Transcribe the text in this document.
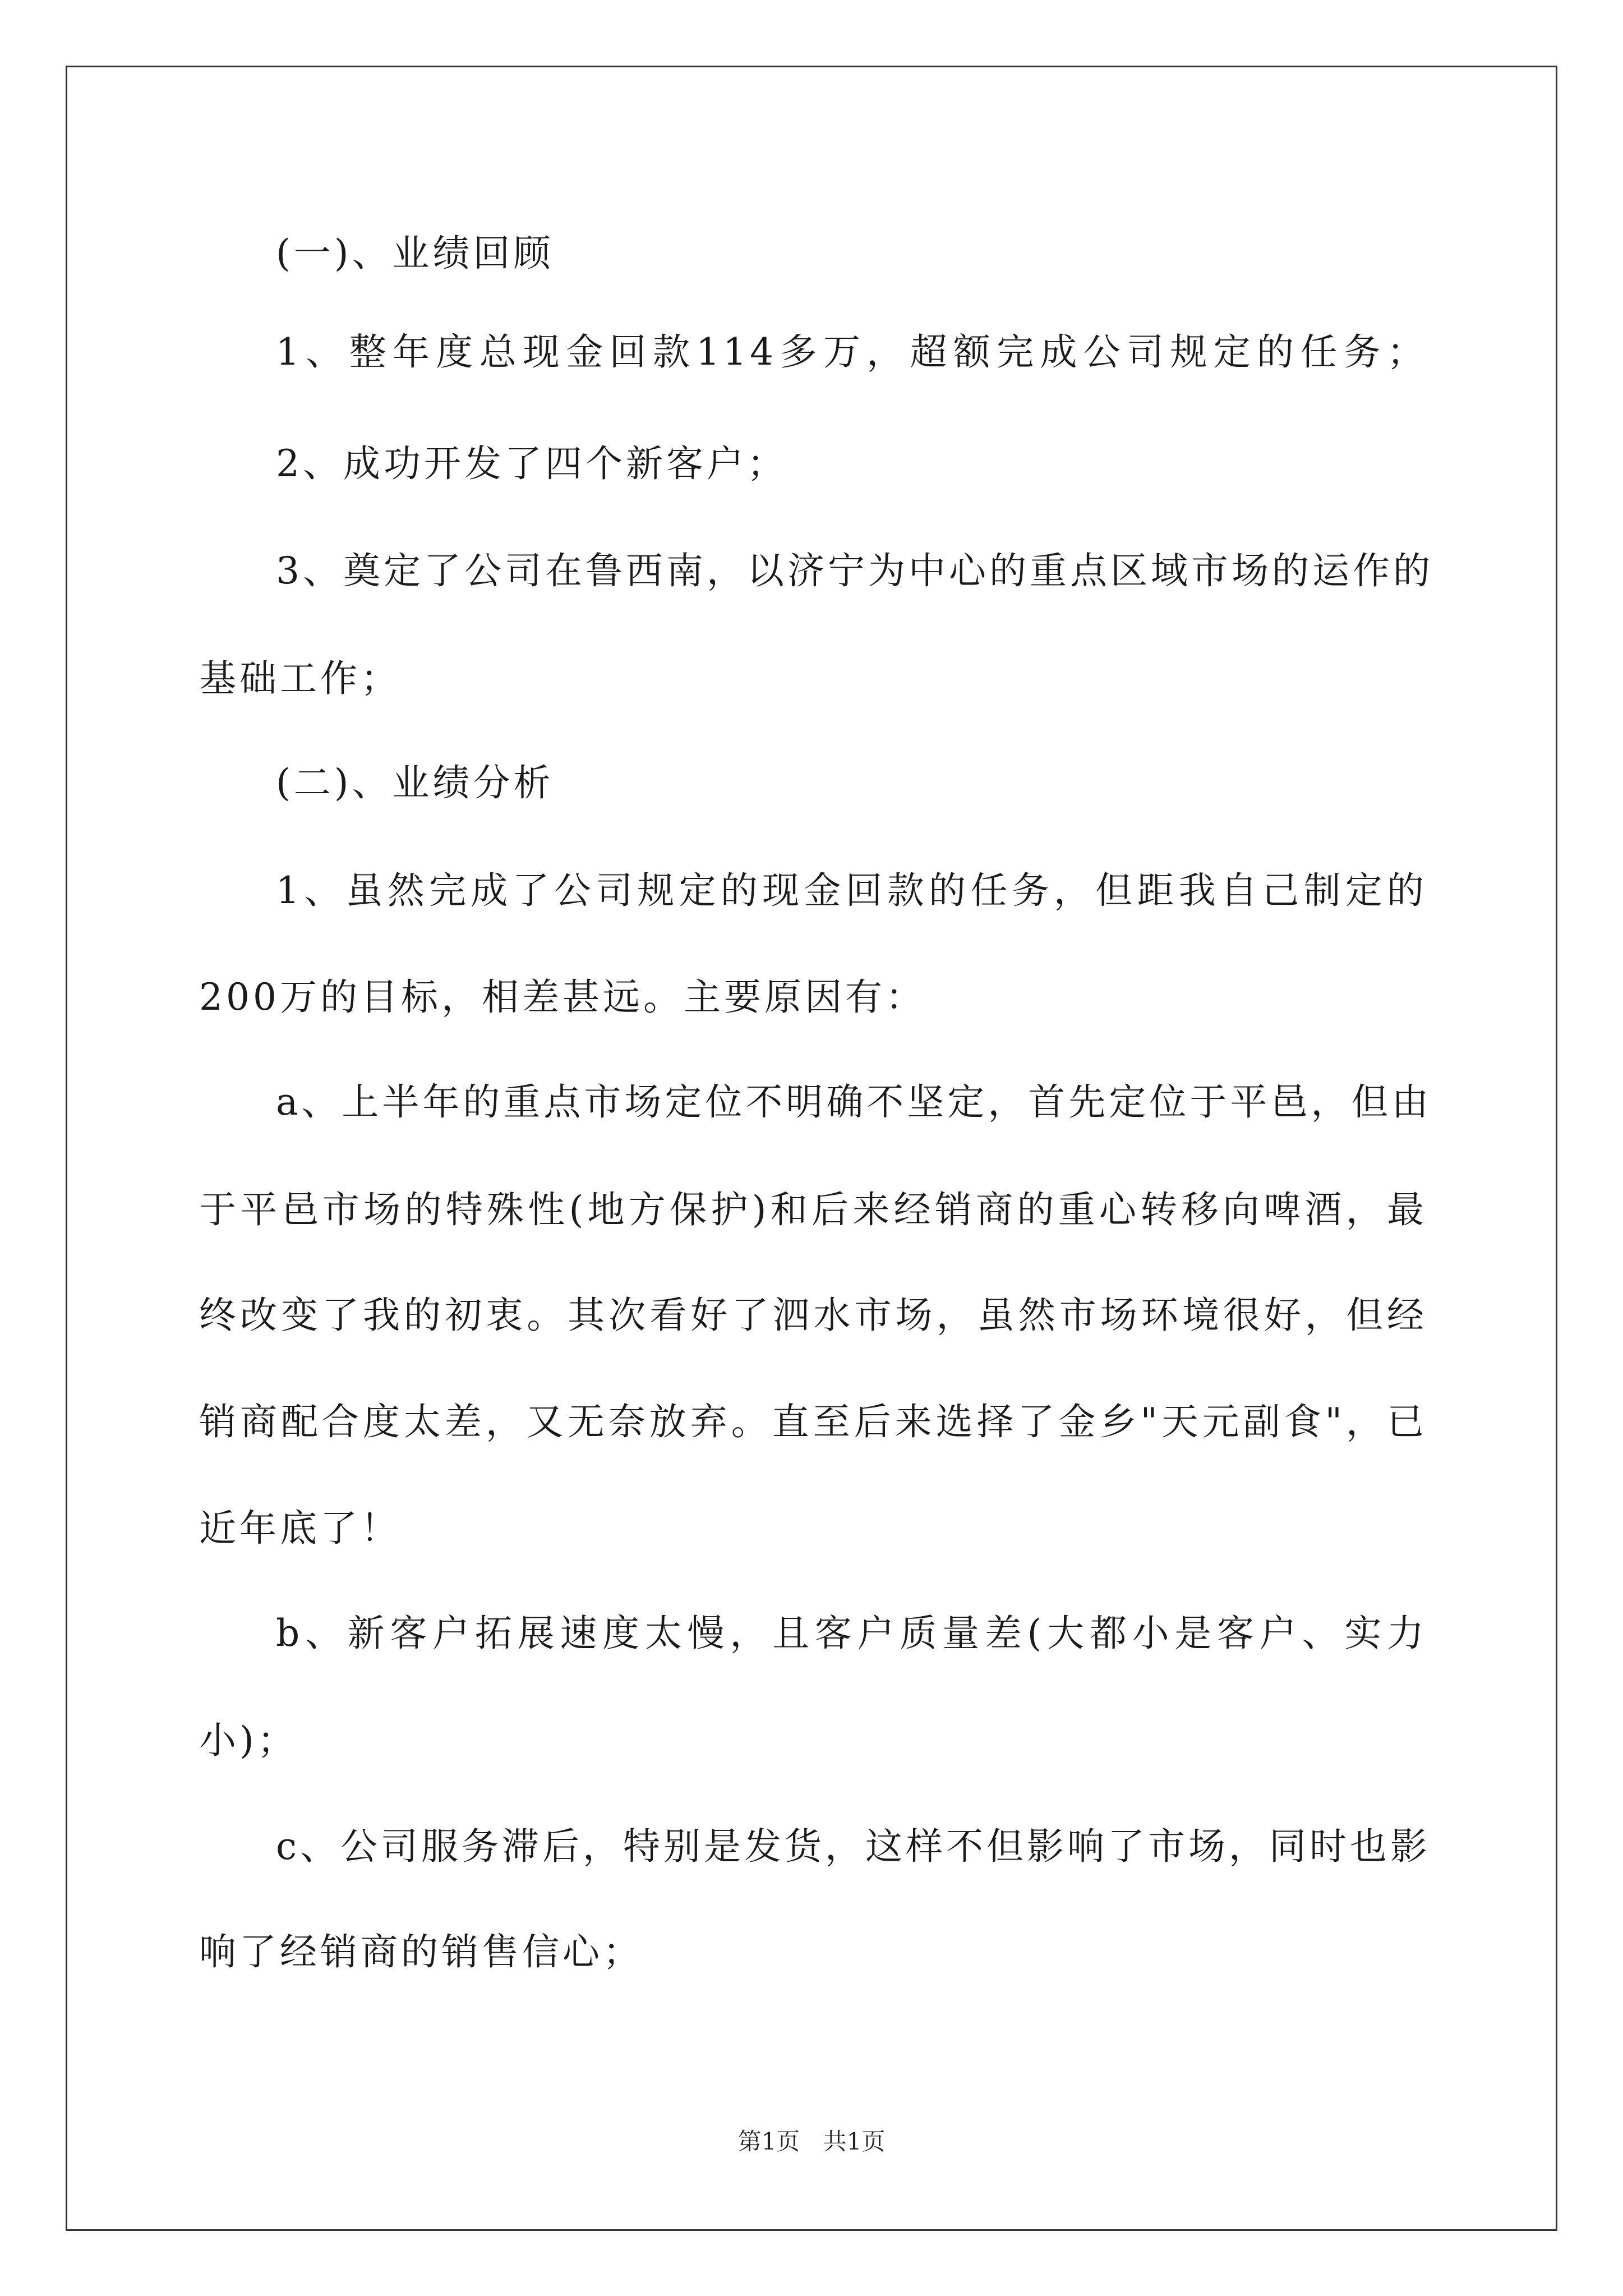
(一)、业绩回顾
1、整年度总现金回款114多万，超额完成公司规定的任务；
2、成功开发了四个新客户；
3、奠定了公司在鲁西南，以济宁为中心的重点区域市场的运作的
基础工作；
(二)、业绩分析
1、虽然完成了公司规定的现金回款的任务，但距我自己制定的
200万的目标，相差甚远。主要原因有：
a、上半年的重点市场定位不明确不坚定，首先定位于平邑，但由
于平邑市场的特殊性(地方保护)和后来经销商的重心转移向啤酒，最
终改变了我的初衷。其次看好了泗水市场，虽然市场环境很好，但经
销商配合度太差，又无奈放弃。直至后来选择了金乡"天元副食"，已
近年底了！
b、新客户拓展速度太慢，且客户质量差(大都小是客户、实力
小)；
c、公司服务滞后，特别是发货，这样不但影响了市场，同时也影
响了经销商的销售信心；
第1页 共1页
